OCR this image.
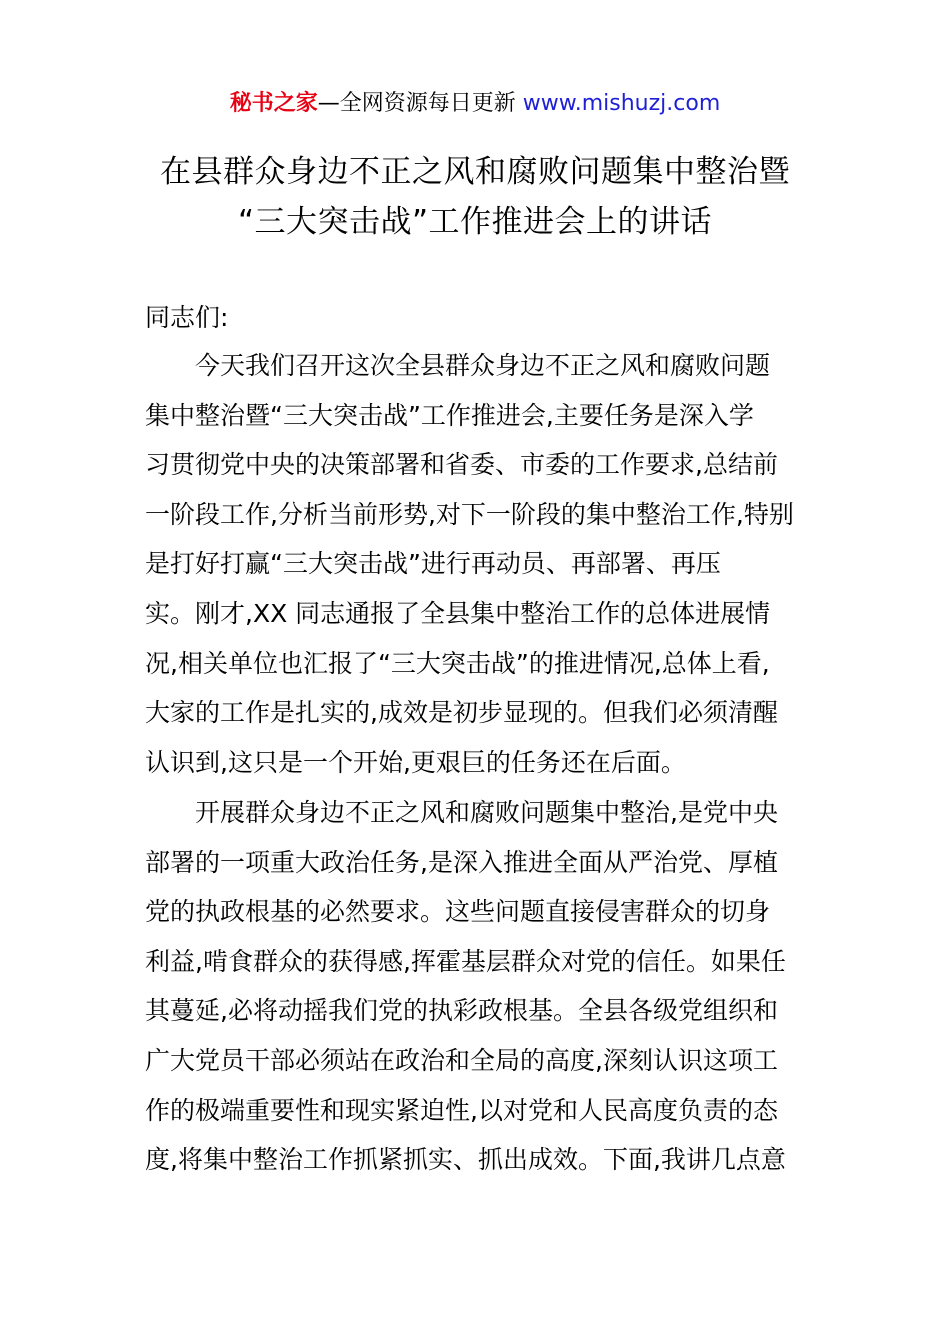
秘书之家—全网资源每日更新 www.mishuzj.com
在县群众身边不正之风和腐败问题集中整治暨
“三大突击战”工作推进会上的讲话
同志们:
今天我们召开这次全县群众身边不正之风和腐败问题
集中整治暨“三大突击战”工作推进会,主要任务是深入学
习贯彻党中央的决策部署和省委、市委的工作要求,总结前
一阶段工作,分析当前形势,对下一阶段的集中整治工作,特别
是打好打赢“三大突击战”进行再动员、再部署、再压
实。刚才,XX 同志通报了全县集中整治工作的总体进展情
况,相关单位也汇报了“三大突击战”的推进情况,总体上看,
大家的工作是扎实的,成效是初步显现的。但我们必须清醒
认识到,这只是一个开始,更艰巨的任务还在后面。
开展群众身边不正之风和腐败问题集中整治,是党中央
部署的一项重大政治任务,是深入推进全面从严治党、厚植
党的执政根基的必然要求。这些问题直接侵害群众的切身
利益,啃食群众的获得感,挥霍基层群众对党的信任。如果任
其蔓延,必将动摇我们党的执彩政根基。全县各级党组织和
广大党员干部必须站在政治和全局的高度,深刻认识这项工
作的极端重要性和现实紧迫性,以对党和人民高度负责的态
度,将集中整治工作抓紧抓实、抓出成效。下面,我讲几点意
